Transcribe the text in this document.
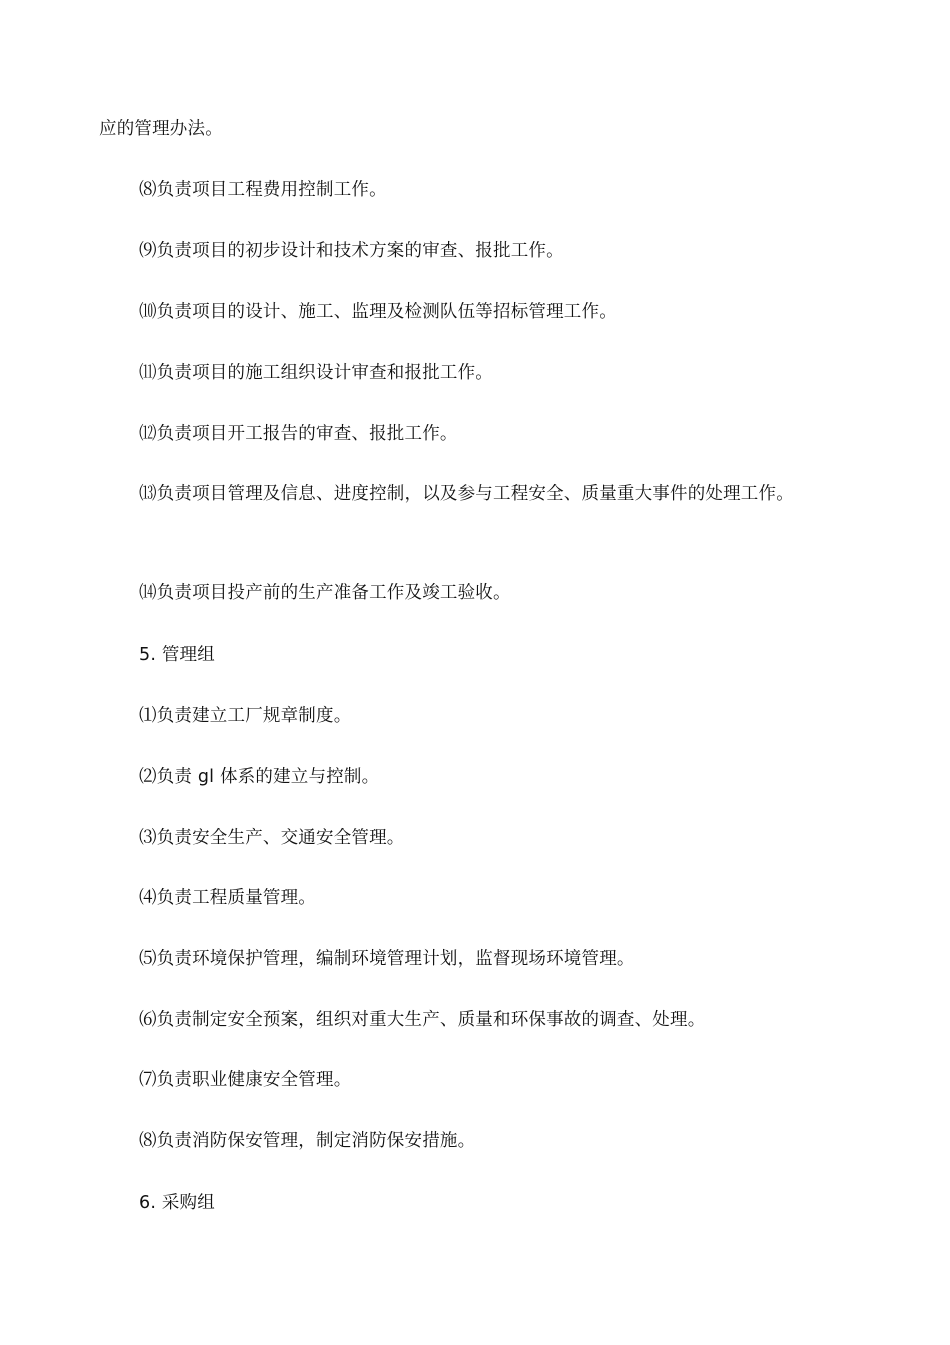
应的管理办法。
⑻负责项目工程费用控制工作。
⑼负责项目的初步设计和技术方案的审查、报批工作。
⑽负责项目的设计、施工、监理及检测队伍等招标管理工作。
⑾负责项目的施工组织设计审查和报批工作。
⑿负责项目开工报告的审查、报批工作。
⒀负责项目管理及信息、进度控制，以及参与工程安全、质量重大事件的处理工作。
⒁负责项目投产前的生产准备工作及竣工验收。
5. 管理组
⑴负责建立工厂规章制度。
⑵负责 gl 体系的建立与控制。
⑶负责安全生产、交通安全管理。
⑷负责工程质量管理。
⑸负责环境保护管理，编制环境管理计划，监督现场环境管理。
⑹负责制定安全预案，组织对重大生产、质量和环保事故的调查、处理。
⑺负责职业健康安全管理。
⑻负责消防保安管理，制定消防保安措施。
6. 采购组
